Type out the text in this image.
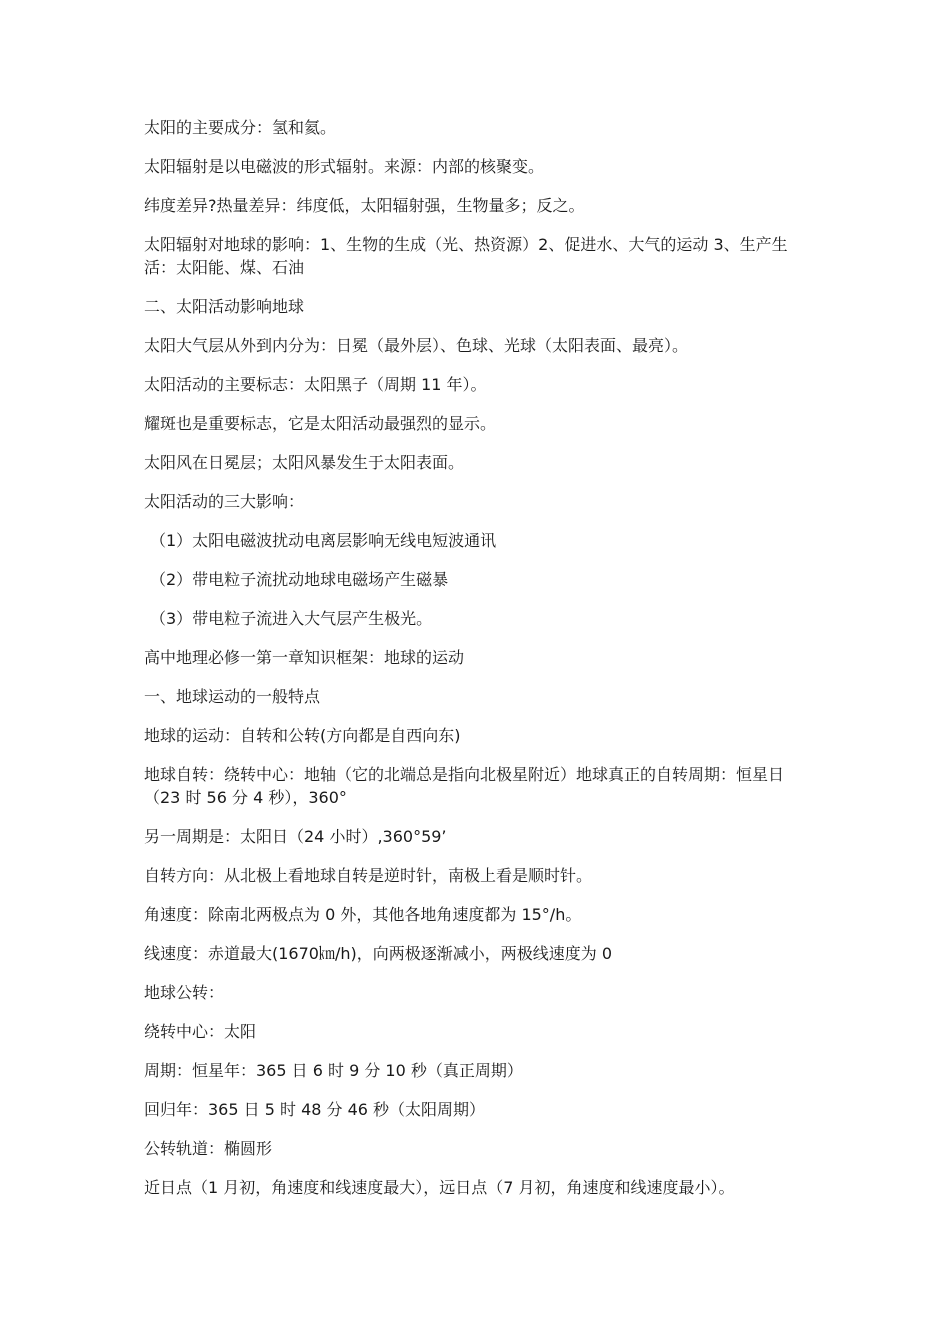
太阳的主要成分：氢和氦。

太阳辐射是以电磁波的形式辐射。来源：内部的核聚变。

纬度差异?热量差异：纬度低，太阳辐射强，生物量多；反之。

太阳辐射对地球的影响：1、生物的生成（光、热资源）2、促进水、大气的运动 3、生产生活：太阳能、煤、石油

二、太阳活动影响地球

太阳大气层从外到内分为：日冕（最外层）、色球、光球（太阳表面、最亮）。

太阳活动的主要标志：太阳黑子（周期 11 年）。

耀斑也是重要标志，它是太阳活动最强烈的显示。

太阳风在日冕层；太阳风暴发生于太阳表面。

太阳活动的三大影响：

（1）太阳电磁波扰动电离层影响无线电短波通讯

（2）带电粒子流扰动地球电磁场产生磁暴

（3）带电粒子流进入大气层产生极光。

高中地理必修一第一章知识框架：地球的运动

一、地球运动的一般特点

地球的运动：自转和公转(方向都是自西向东)

地球自转：绕转中心：地轴（它的北端总是指向北极星附近）地球真正的自转周期：恒星日（23 时 56 分 4 秒），360°

另一周期是：太阳日（24 小时）,360°59’

自转方向：从北极上看地球自转是逆时针，南极上看是顺时针。

角速度：除南北两极点为 0 外，其他各地角速度都为 15°/h。

线速度：赤道最大(1670㎞/h)，向两极逐渐减小，两极线速度为 0

地球公转：

绕转中心：太阳

周期：恒星年：365 日 6 时 9 分 10 秒（真正周期）

回归年：365 日 5 时 48 分 46 秒（太阳周期）

公转轨道：椭圆形

近日点（1 月初，角速度和线速度最大），远日点（7 月初，角速度和线速度最小）。
